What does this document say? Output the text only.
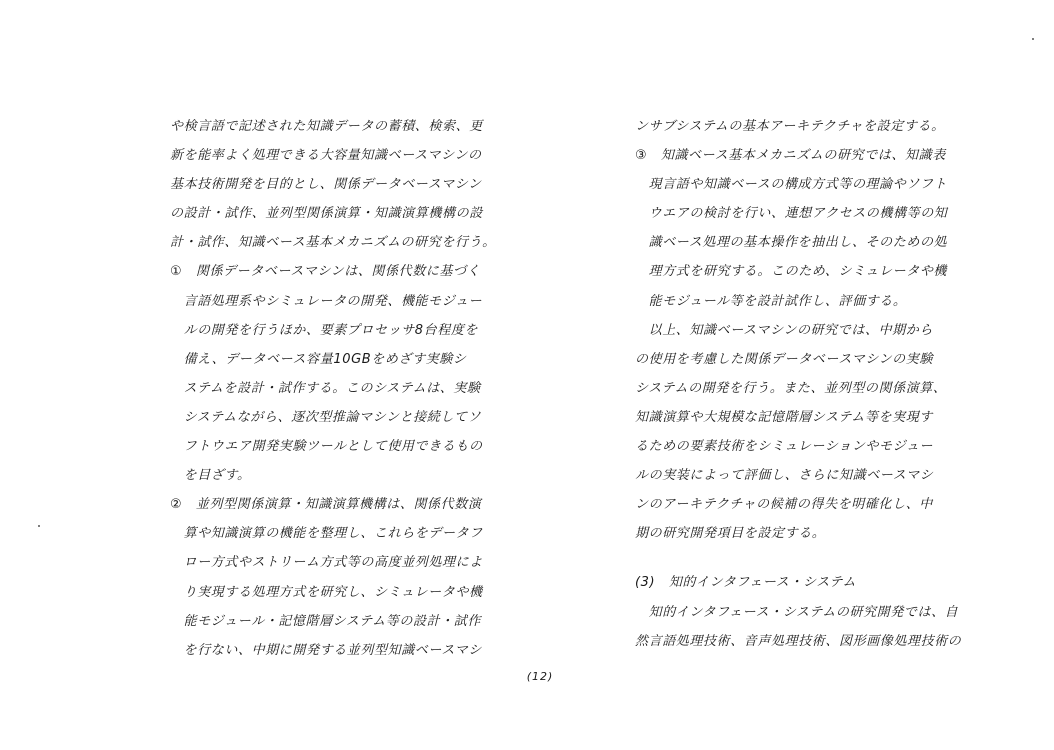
や検言語で記述された知識データの蓄積、検索、更
新を能率よく処理できる大容量知識ベースマシンの
基本技術開発を目的とし、関係データベースマシン
の設計・試作、並列型関係演算・知識演算機構の設
計・試作、知識ベース基本メカニズムの研究を行う。
①　関係データベースマシンは、関係代数に基づく
　言語処理系やシミュレータの開発、機能モジュー
　ルの開発を行うほか、要素プロセッサ8台程度を
　備え、データベース容量10GBをめざす実験シ
　ステムを設計・試作する。このシステムは、実験
　システムながら、逐次型推論マシンと接続してソ
　フトウエア開発実験ツールとして使用できるもの
　を目ざす。
②　並列型関係演算・知識演算機構は、関係代数演
　算や知識演算の機能を整理し、これらをデータフ
　ロー方式やストリーム方式等の高度並列処理によ
　り実現する処理方式を研究し、シミュレータや機
　能モジュール・記憶階層システム等の設計・試作
　を行ない、中期に開発する並列型知識ベースマシ
ンサブシステムの基本アーキテクチャを設定する。
③　知識ベース基本メカニズムの研究では、知識表
　現言語や知識ベースの構成方式等の理論やソフト
　ウエアの検討を行い、連想アクセスの機構等の知
　識ベース処理の基本操作を抽出し、そのための処
　理方式を研究する。このため、シミュレータや機
　能モジュール等を設計試作し、評価する。
　以上、知識ベースマシンの研究では、中期から
の使用を考慮した関係データベースマシンの実験
システムの開発を行う。また、並列型の関係演算、
知識演算や大規模な記憶階層システム等を実現す
るための要素技術をシミュレーションやモジュー
ルの実装によって評価し、さらに知識ベースマシ
ンのアーキテクチャの候補の得失を明確化し、中
期の研究開発項目を設定する。
(3)　知的インタフェース・システム
　知的インタフェース・システムの研究開発では、自
然言語処理技術、音声処理技術、図形画像処理技術の
(12)
